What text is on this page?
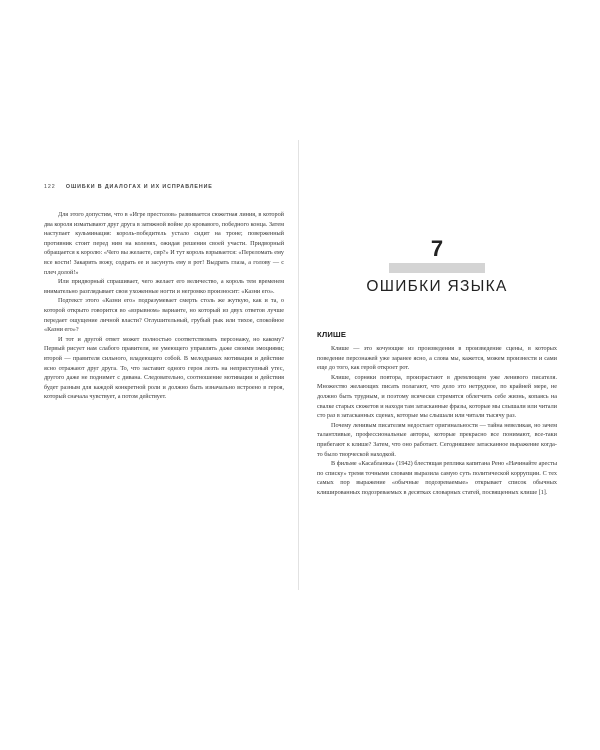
122 ОШИБКИ В ДИАЛОГАХ И ИХ ИСПРАВЛЕНИЕ

Для этого допустим, что в «Игре престолов» развивается сюжетная линия, в которой два короля изматывают друг друга в затяжной войне до кровавого, победного конца. Затем наступает кульминация: король-победитель устало сидит на троне; поверженный противник стоит перед ним на коленях, ожидая решения своей участи. Придворный обращается к королю: «Чего вы желаете, сир?» И тут король взрывается: «Переломать ему все кости! Закарить вожу, содрать ее и засунуть ему в рот! Выдрать глаза, а голову — с плеч долой!»

Или придворный спрашивает, чего желает его величество, а король тем временем внимательно разглядывает свои ухоженные ногти и негромко произносит: «Казни его».

Подтекст этого «Казни его» подразумевает смерть столь же жуткую, как и та, о которой открыто говорится во «взрывном» варианте, но который из двух ответов лучше передает ощущение личной власти? Оглушительный, грубый рык или тихое, спокойное «Казни его»?

И тот и другой ответ может полностью соответствовать персонажу, но какому? Первый рисует нам слабого правителя, не умеющего управлять даже своими эмоциями; второй — правителя сильного, владеющего собой. В мелодрамах мотивация и действие ясно отражают друг друга. То, что заставит одного героя лезть на неприступный утес, другого даже не поднимет с дивана. Следовательно, соотношение мотивации и действия будет разным для каждой конкретной роли и должно быть изначально встроено в героя, который сначала чувствует, а потом действует.

7
ОШИБКИ ЯЗЫКА
КЛИШЕ

Клише — это кочующие из произведения в произведение сцены, в которых поведение персонажей уже заранее ясно, а слова мы, кажется, можем произнести и сами еще до того, как герой откроет рот.

Клише, сорняки повтора, произрастают в дремлющем уже ленивого писателя. Множество желающих писать полагают, что дело это нетрудное, по крайней мере, не должно быть трудным, и поэтому всячески стремятся облегчить себе жизнь, копаясь на свалке старых сюжетов и находя там затасканные фразы, которые мы слышали или читали сто раз в затасканных сценах, которые мы слышали или читали тысячу раз.

Почему ленивым писателям недостает оригинальности — тайна невеликая, но зачем талантливые, профессиональные авторы, которые прекрасно все понимают, все-таки прибегают к клише? Затем, что оно работает. Сегодняшнее затасканное выражение когда-то было творческой находкой.

В фильме «Касабланка» (1942) блестящая реплика капитана Рено «Начинайте аресты по списку» тремя точными словами выразила самую суть политической коррупции. С тех самых пор выражение «обычные подозреваемые» открывает список обычных клишированных подозреваемых в десятках словарных статей, посвященных клише [1].
